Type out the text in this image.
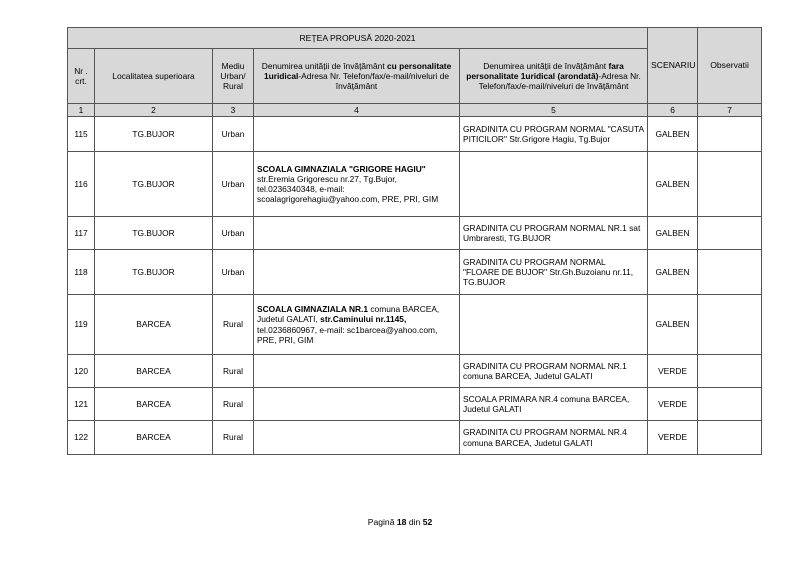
REȚEA PROPUSĂ 2020-2021					SCENARIU	Observatii
Nr . crt.	Localitatea superioara	Mediu Urban/ Rural	Denumirea unității de învățământ cu personalitate 1uridical-Adresa Nr. Telefon/fax/e-mail/niveluri de învățământ	Denumirea unității de învățământ fara personalitate 1uridical (arondată)-Adresa Nr. Telefon/fax/e-mail/niveluri de învățământ		
1	2	3	4	5	6	7
115	TG.BUJOR	Urban		GRADINITA CU PROGRAM NORMAL "CASUTA PITICILOR" Str.Grigore Hagiu, Tg.Bujor	GALBEN	
116	TG.BUJOR	Urban	SCOALA GIMNAZIALA "GRIGORE HAGIU"
str.Eremia Grigorescu nr.27, Tg.Bujor, tel.0236340348, e-mail: scoalagrigorehagiu@yahoo.com, PRE, PRI, GIM		GALBEN	
117	TG.BUJOR	Urban		GRADINITA CU PROGRAM NORMAL NR.1 sat Umbraresti, TG.BUJOR	GALBEN	
118	TG.BUJOR	Urban		GRADINITA CU PROGRAM NORMAL "FLOARE DE BUJOR" Str.Gh.Buzoianu nr.11, TG.BUJOR	GALBEN	
119	BARCEA	Rural	SCOALA GIMNAZIALA NR.1 comuna BARCEA, Judetul GALATI, str.Caminului nr.1145, tel.0236860967, e-mail: sc1barcea@yahoo.com, PRE, PRI, GIM		GALBEN	
120	BARCEA	Rural		GRADINITA CU PROGRAM NORMAL NR.1 comuna BARCEA, Judetul GALATI	VERDE	
121	BARCEA	Rural		SCOALA PRIMARA NR.4 comuna BARCEA, Judetul GALATI	VERDE	
122	BARCEA	Rural		GRADINITA CU PROGRAM NORMAL NR.4 comuna BARCEA, Judetul GALATI	VERDE	
Pagină 18 din 52
